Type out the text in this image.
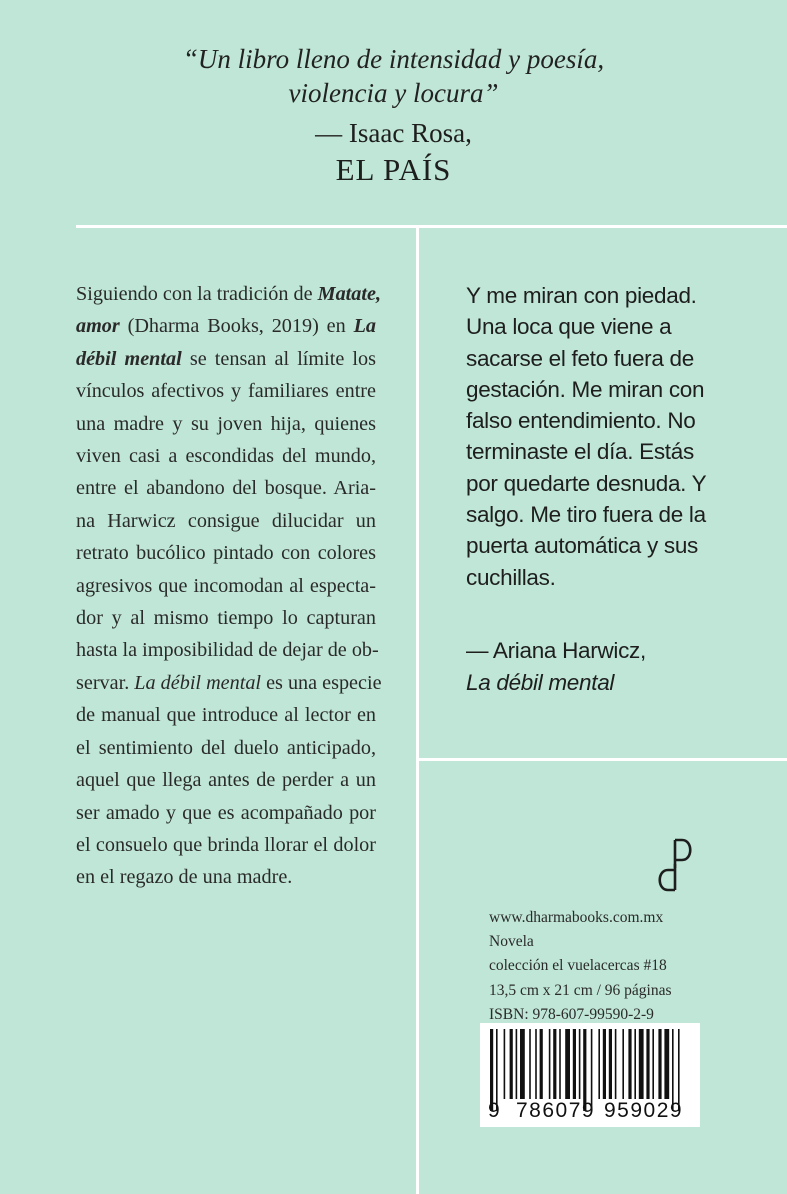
“Un libro lleno de intensidad y poesía,
violencia y locura”
— Isaac Rosa,
EL PAÍS
Siguiendo con la tradición de Matate,
amor (Dharma Books, 2019) en La
débil mental se tensan al límite los
vínculos afectivos y familiares entre
una madre y su joven hija, quienes
viven casi a escondidas del mundo,
entre el abandono del bosque. Aria-
na Harwicz consigue dilucidar un
retrato bucólico pintado con colores
agresivos que incomodan al especta-
dor y al mismo tiempo lo capturan
hasta la imposibilidad de dejar de ob-
servar. La débil mental es una especie
de manual que introduce al lector en
el sentimiento del duelo anticipado,
aquel que llega antes de perder a un
ser amado y que es acompañado por
el consuelo que brinda llorar el dolor
en el regazo de una madre.
Y me miran con piedad.
Una loca que viene a
sacarse el feto fuera de
gestación. Me miran con
falso entendimiento. No
terminaste el día. Estás
por quedarte desnuda. Y
salgo. Me tiro fuera de la
puerta automática y sus
cuchillas.
— Ariana Harwicz,
La débil mental
www.dharmabooks.com.mx
Novela
colección el vuelacercas #18
13,5 cm x 21 cm / 96 páginas
ISBN: 978-607-99590-2-9
9 786079 959029
